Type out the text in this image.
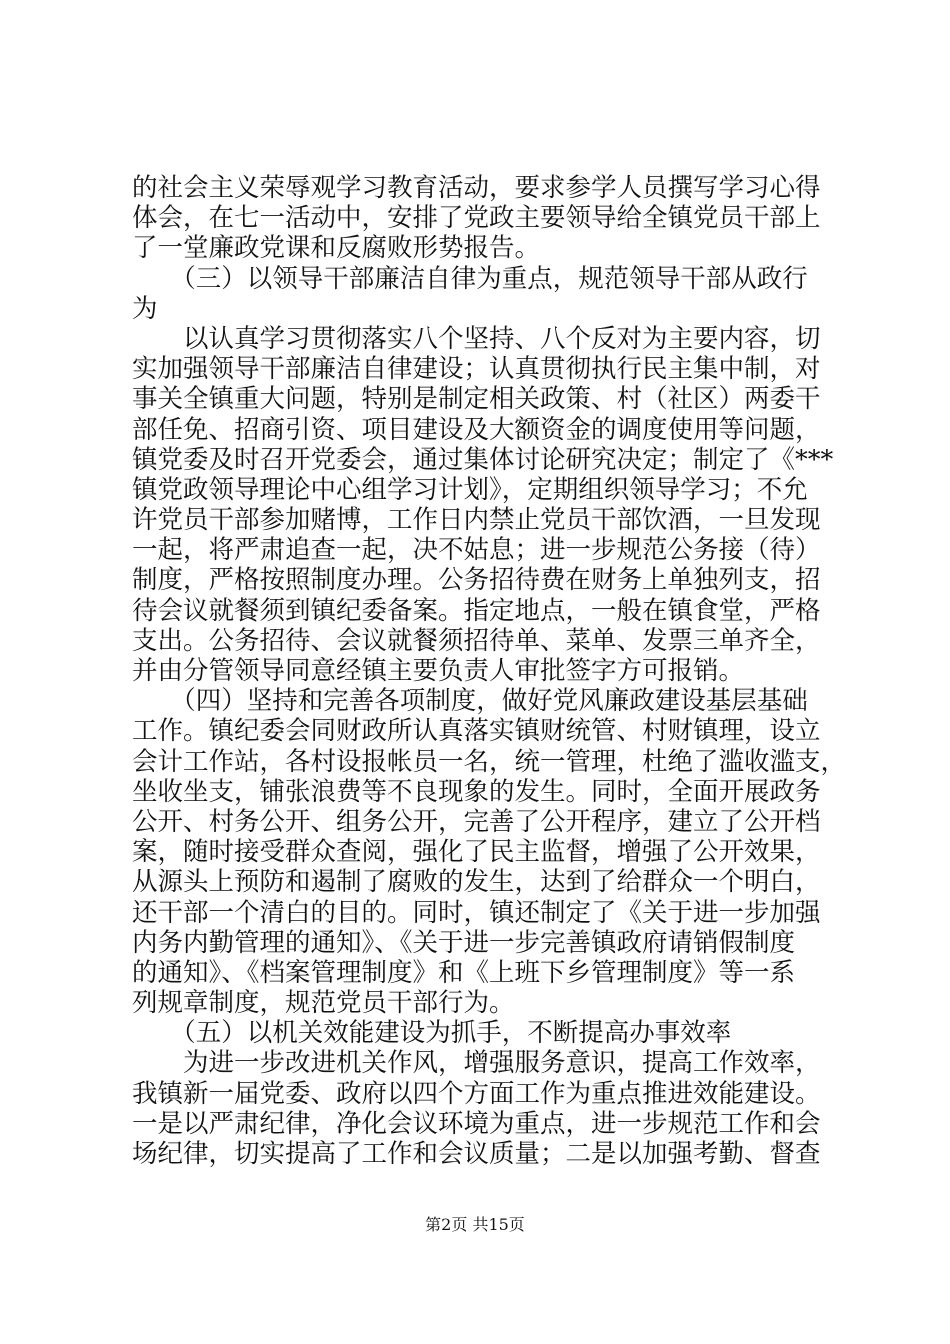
的社会主义荣辱观学习教育活动，要求参学人员撰写学习心得
体会，在七一活动中，安排了党政主要领导给全镇党员干部上
了一堂廉政党课和反腐败形势报告。
　　（三）以领导干部廉洁自律为重点，规范领导干部从政行
为
　　以认真学习贯彻落实八个坚持、八个反对为主要内容，切
实加强领导干部廉洁自律建设；认真贯彻执行民主集中制，对
事关全镇重大问题，特别是制定相关政策、村（社区）两委干
部任免、招商引资、项目建设及大额资金的调度使用等问题，
镇党委及时召开党委会，通过集体讨论研究决定；制定了《***
镇党政领导理论中心组学习计划》，定期组织领导学习；不允
许党员干部参加赌博，工作日内禁止党员干部饮酒，一旦发现
一起，将严肃追查一起，决不姑息；进一步规范公务接（待）
制度，严格按照制度办理。公务招待费在财务上单独列支，招
待会议就餐须到镇纪委备案。指定地点，一般在镇食堂，严格
支出。公务招待、会议就餐须招待单、菜单、发票三单齐全，
并由分管领导同意经镇主要负责人审批签字方可报销。
　　（四）坚持和完善各项制度，做好党风廉政建设基层基础
工作。镇纪委会同财政所认真落实镇财统管、村财镇理，设立
会计工作站，各村设报帐员一名，统一管理，杜绝了滥收滥支，
坐收坐支，铺张浪费等不良现象的发生。同时，全面开展政务
公开、村务公开、组务公开，完善了公开程序，建立了公开档
案，随时接受群众查阅，强化了民主监督，增强了公开效果，
从源头上预防和遏制了腐败的发生，达到了给群众一个明白，
还干部一个清白的目的。同时，镇还制定了《关于进一步加强
内务内勤管理的通知》、《关于进一步完善镇政府请销假制度
的通知》、《档案管理制度》和《上班下乡管理制度》等一系
列规章制度，规范党员干部行为。
　　（五）以机关效能建设为抓手，不断提高办事效率
　　为进一步改进机关作风，增强服务意识，提高工作效率，
我镇新一届党委、政府以四个方面工作为重点推进效能建设。
一是以严肃纪律，净化会议环境为重点，进一步规范工作和会
场纪律，切实提高了工作和会议质量；二是以加强考勤、督查
第2页 共15页
